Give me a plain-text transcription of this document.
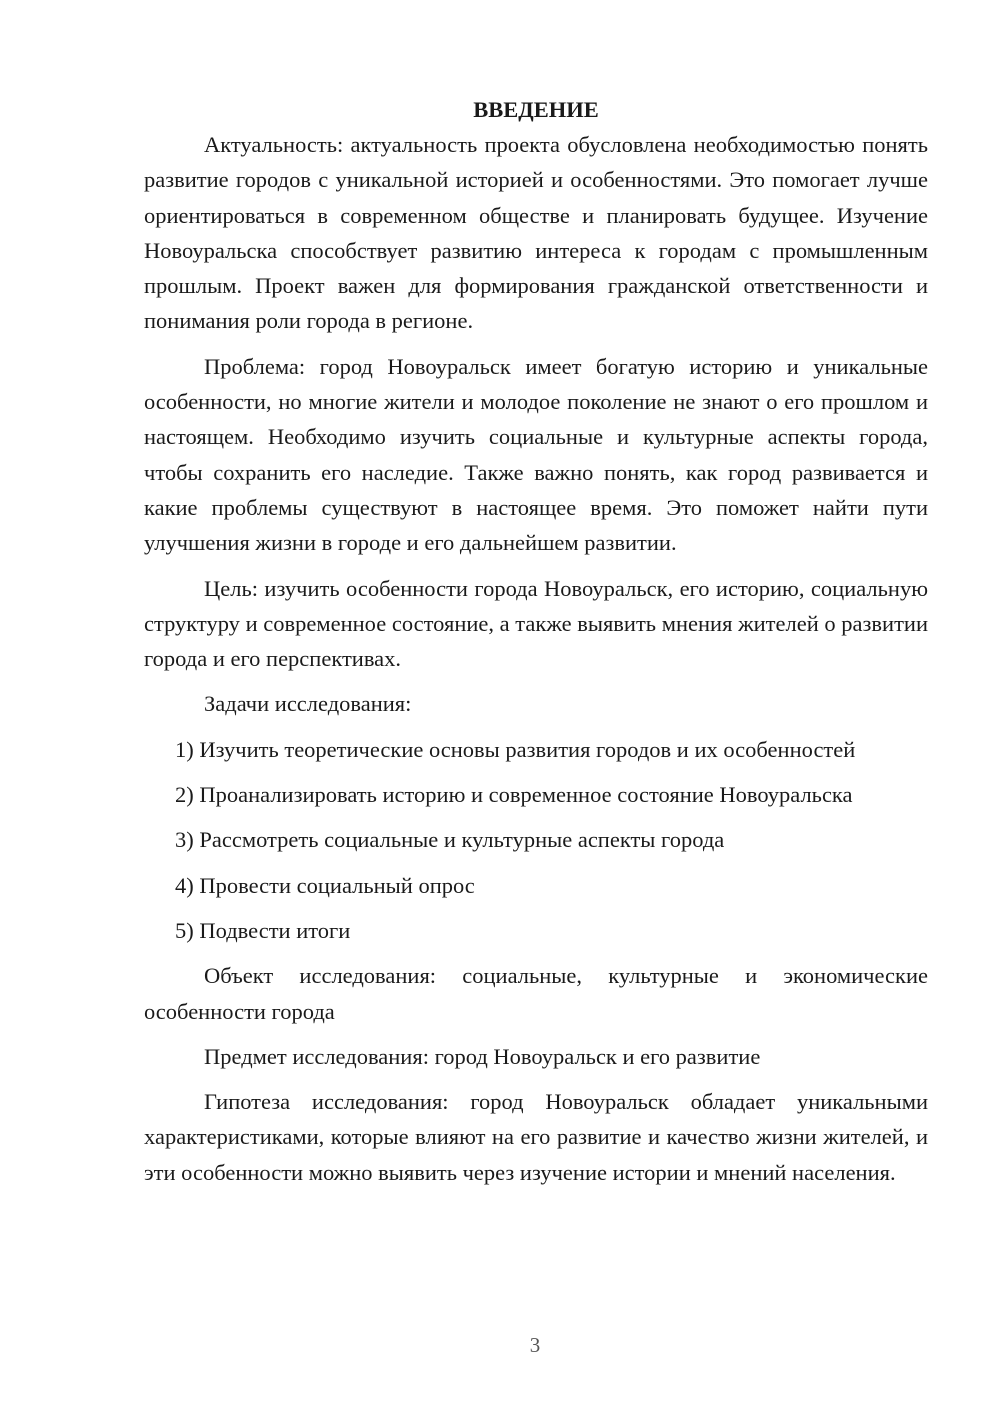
ВВЕДЕНИЕ

Актуальность: актуальность проекта обусловлена необходимостью понять развитие городов с уникальной историей и особенностями. Это помогает лучше ориентироваться в современном обществе и планировать будущее. Изучение Новоуральска способствует развитию интереса к городам с промышленным прошлым. Проект важен для формирования гражданской ответственности и понимания роли города в регионе.

Проблема: город Новоуральск имеет богатую историю и уникальные особенности, но многие жители и молодое поколение не знают о его прошлом и настоящем. Необходимо изучить социальные и культурные аспекты города, чтобы сохранить его наследие. Также важно понять, как город развивается и какие проблемы существуют в настоящее время. Это поможет найти пути улучшения жизни в городе и его дальнейшем развитии.

Цель: изучить особенности города Новоуральск, его историю, социальную структуру и современное состояние, а также выявить мнения жителей о развитии города и его перспективах.

Задачи исследования:

1) Изучить теоретические основы развития городов и их особенностей

2) Проанализировать историю и современное состояние Новоуральска

3) Рассмотреть социальные и культурные аспекты города

4) Провести социальный опрос

5) Подвести итоги

Объект исследования: социальные, культурные и экономические особенности города

Предмет исследования: город Новоуральск и его развитие

Гипотеза исследования: город Новоуральск обладает уникальными характеристиками, которые влияют на его развитие и качество жизни жителей, и эти особенности можно выявить через изучение истории и мнений населения.

3
